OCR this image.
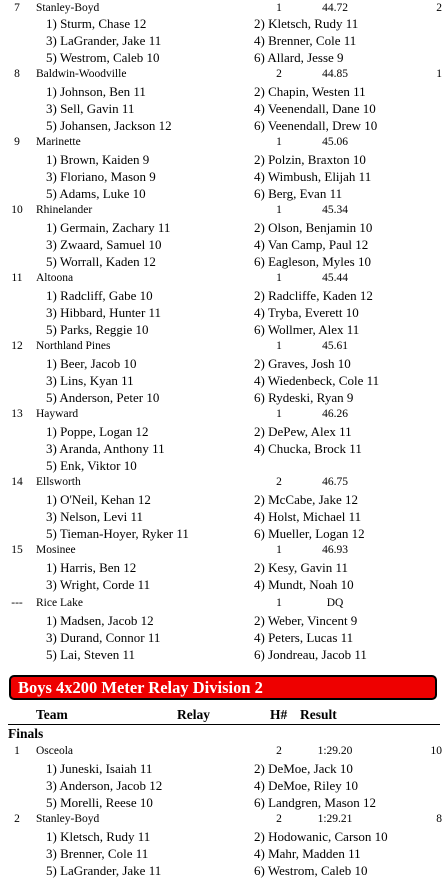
7	Stanley-Boyd	1	44.72	2
1) Sturm, Chase 12	2) Kletsch, Rudy 11
3) LaGrander, Jake 11	4) Brenner, Cole 11
5) Westrom, Caleb 10	6) Allard, Jesse 9
8	Baldwin-Woodville	2	44.85	1
1) Johnson, Ben 11	2) Chapin, Westen 11
3) Sell, Gavin 11	4) Veenendall, Dane 10
5) Johansen, Jackson 12	6) Veenendall, Drew 10
9	Marinette	1	45.06
1) Brown, Kaiden 9	2) Polzin, Braxton 10
3) Floriano, Mason 9	4) Wimbush, Elijah 11
5) Adams, Luke 10	6) Berg, Evan 11
10 Rhinelander	1	45.34
1) Germain, Zachary 11	2) Olson, Benjamin 10
3) Zwaard, Samuel 10	4) Van Camp, Paul 12
5) Worrall, Kaden 12	6) Eagleson, Myles 10
11	Altoona	1	45.44
1) Radcliff, Gabe 10	2) Radcliffe, Kaden 12
3) Hibbard, Hunter 11	4) Tryba, Everett 10
5) Parks, Reggie 10	6) Wollmer, Alex 11
12 Northland Pines	1	45.61
1) Beer, Jacob 10	2) Graves, Josh 10
3) Lins, Kyan 11	4) Wiedenbeck, Cole 11
5) Anderson, Peter 10	6) Rydeski, Ryan 9
13 Hayward	1	46.26
1) Poppe, Logan 12	2) DePew, Alex 11
3) Aranda, Anthony 11	4) Chucka, Brock 11
5) Enk, Viktor 10
14 Ellsworth	2	46.75
1) O'Neil, Kehan 12	2) McCabe, Jake 12
3) Nelson, Levi 11	4) Holst, Michael 11
5) Tieman-Hoyer, Ryker 11	6) Mueller, Logan 12
15 Mosinee	1	46.93
1) Harris, Ben 12	2) Kesy, Gavin 11
3) Wright, Corde 11	4) Mundt, Noah 10
--- Rice Lake	1	DQ
1) Madsen, Jacob 12	2) Weber, Vincent 9
3) Durand, Connor 11	4) Peters, Lucas 11
5) Lai, Steven 11	6) Jondreau, Jacob 11
Boys 4x200 Meter Relay Division 2
Team	Relay	H# Result
Finals
1	Osceola	2	1:29.20	10
1) Juneski, Isaiah 11	2) DeMoe, Jack 10
3) Anderson, Jacob 12	4) DeMoe, Riley 10
5) Morelli, Reese 10	6) Landgren, Mason 12
2	Stanley-Boyd	2	1:29.21	8
1) Kletsch, Rudy 11	2) Hodowanic, Carson 10
3) Brenner, Cole 11	4) Mahr, Madden 11
5) LaGrander, Jake 11	6) Westrom, Caleb 10
